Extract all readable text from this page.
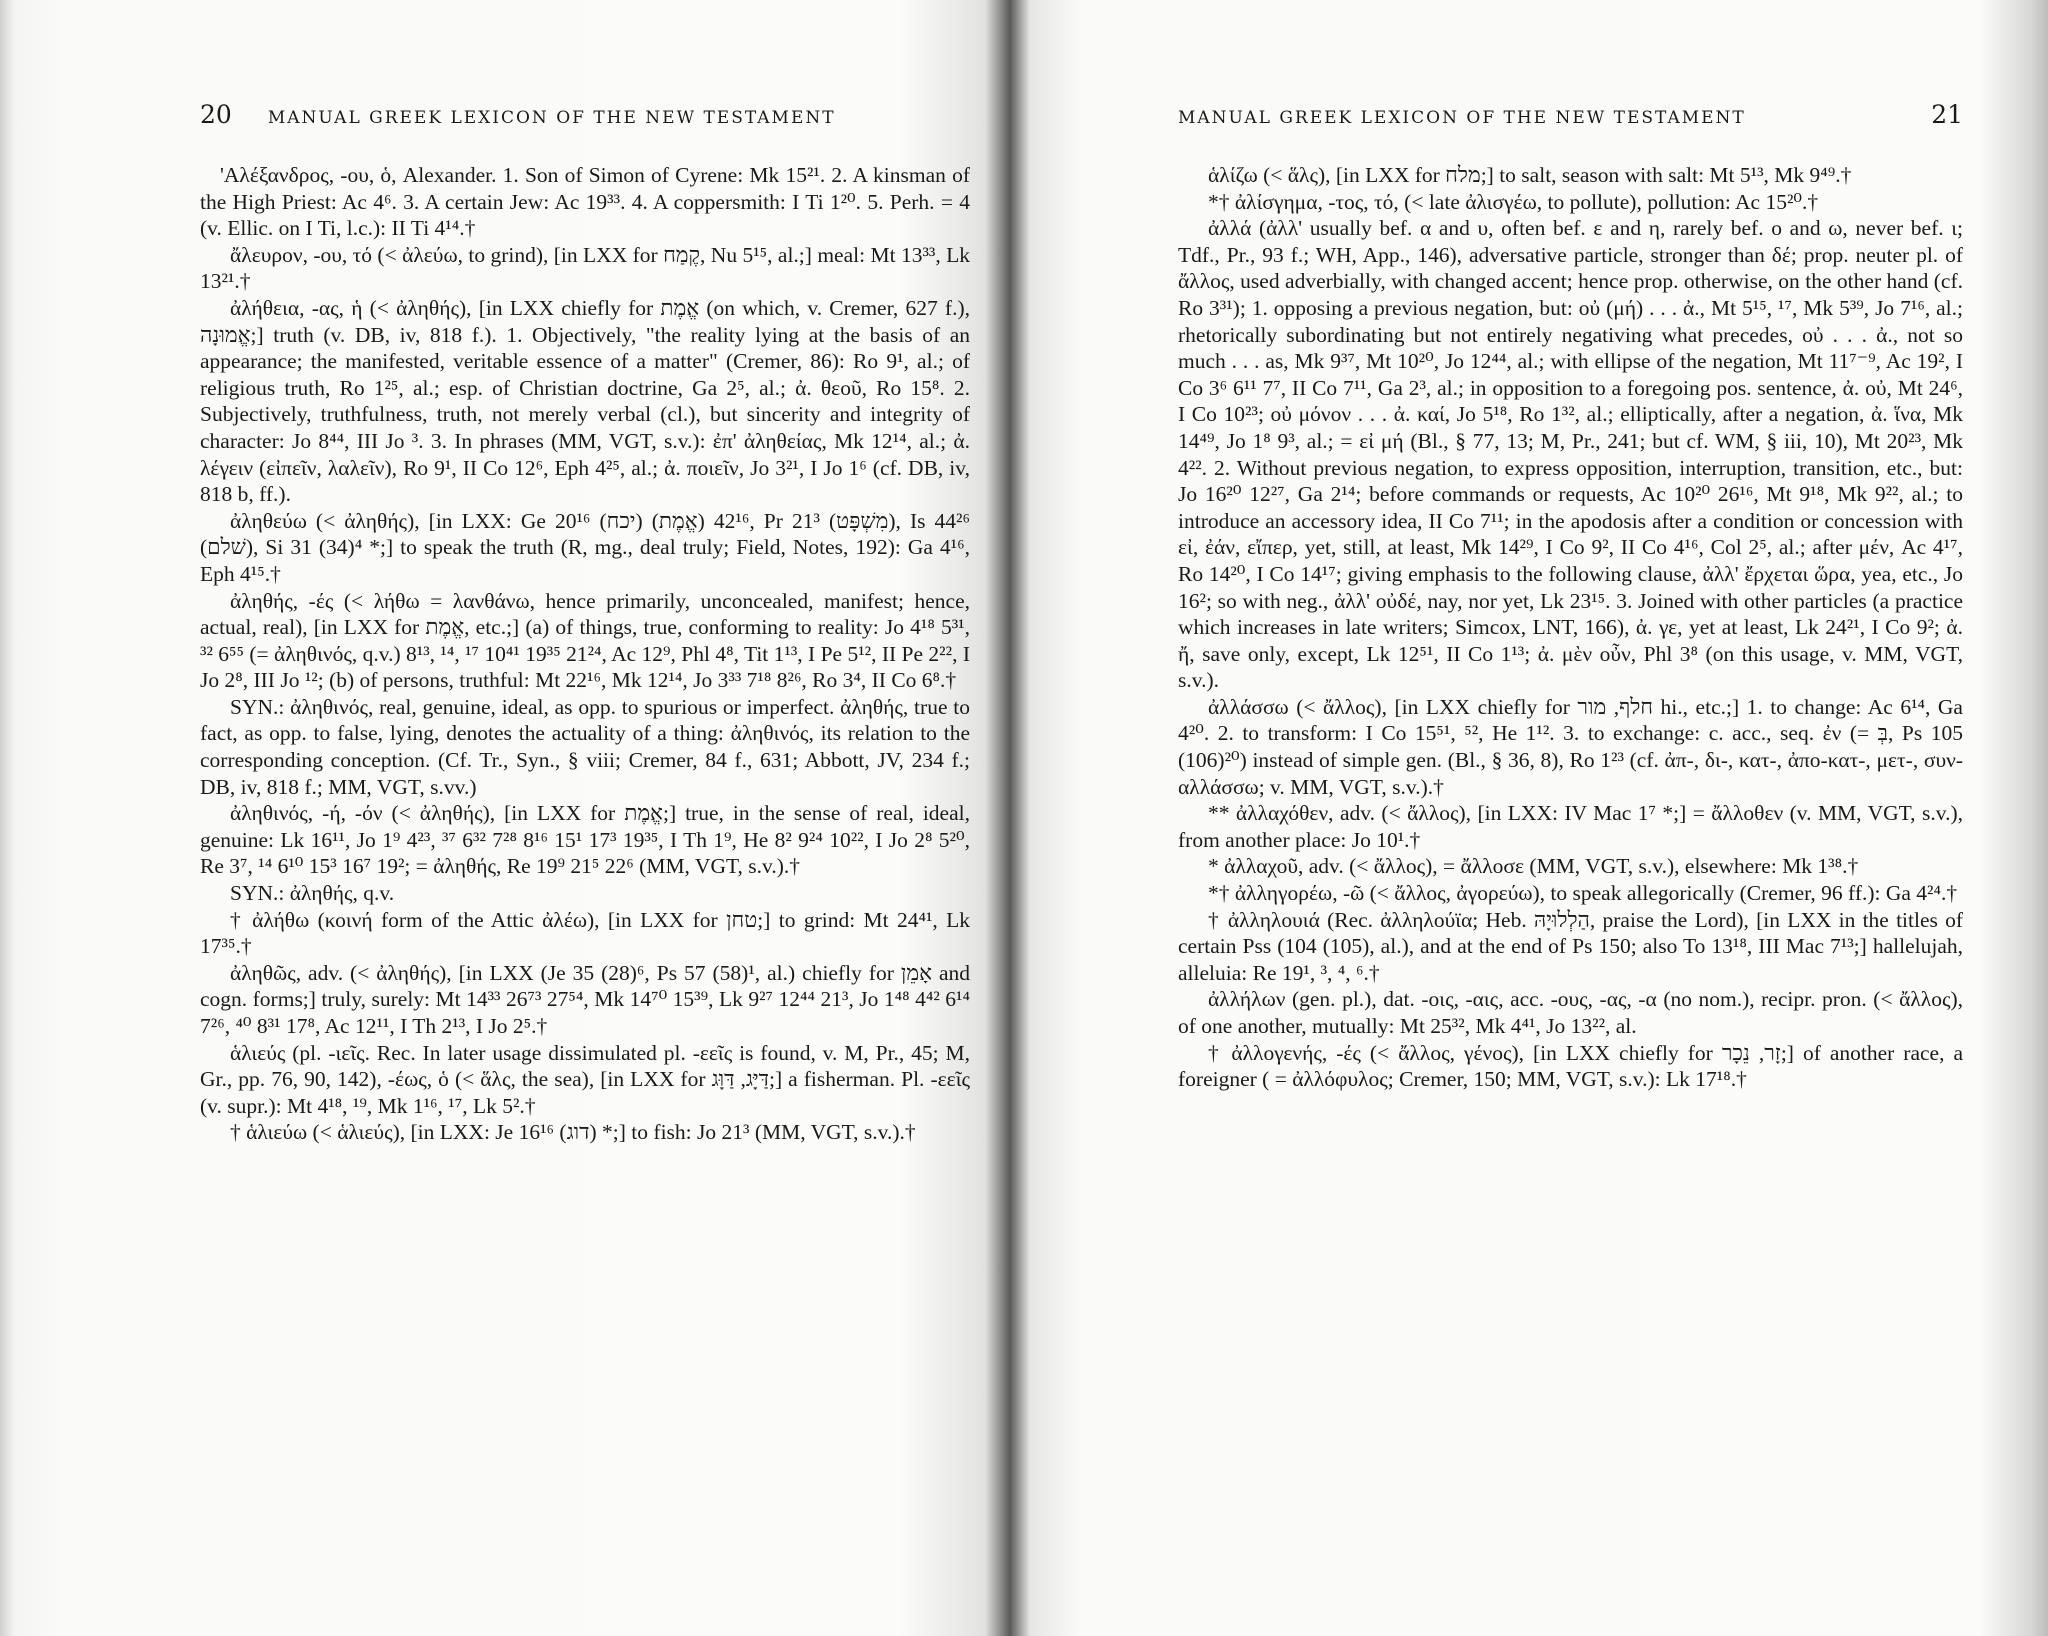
20 MANUAL GREEK LEXICON OF THE NEW TESTAMENT

'Αλέξανδρος, -ου, ὁ, Alexander. 1. Son of Simon of Cyrene: Mk 15²¹. 2. A kinsman of the High Priest: Ac 4⁶. 3. A certain Jew: Ac 19³³. 4. A coppersmith: I Ti 1²⁰. 5. Perh. = 4 (v. Ellic. on I Ti, l.c.): II Ti 4¹⁴.†

ἄλευρον, -ου, τό (< ἀλεύω, to grind), [in LXX for קֶמַח, Nu 5¹⁵, al.;] meal: Mt 13³³, Lk 13²¹.†

ἀλήθεια, -ας, ἡ (< ἀληθής), [in LXX chiefly for אֱמֶת (on which, v. Cremer, 627 f.), אֱמוּנָה;] truth (v. DB, iv, 818 f.). 1. Objectively, "the reality lying at the basis of an appearance; the manifested, veritable essence of a matter" (Cremer, 86): Ro 9¹, al.; of religious truth, Ro 1²⁵, al.; esp. of Christian doctrine, Ga 2⁵, al.; ἀ. θεοῦ, Ro 15⁸. 2. Subjectively, truthfulness, truth, not merely verbal (cl.), but sincerity and integrity of character: Jo 8⁴⁴, III Jo ³. 3. In phrases (MM, VGT, s.v.): ἐπ' ἀληθείας, Mk 12¹⁴, al.; ἀ. λέγειν (εἰπεῖν, λαλεῖν), Ro 9¹, II Co 12⁶, Eph 4²⁵, al.; ἀ. ποιεῖν, Jo 3²¹, I Jo 1⁶ (cf. DB, iv, 818 b, ff.).

ἀληθεύω (< ἀληθής), [in LXX: Ge 20¹⁶ (יכח) 42¹⁶ (אֱמֶת), Pr 21³ (מִשְׁפָּט), Is 44²⁶ (שׁלם), Si 31 (34)⁴ *;] to speak the truth (R, mg., deal truly; Field, Notes, 192): Ga 4¹⁶, Eph 4¹⁵.†

ἀληθής, -ές (< λήθω = λανθάνω, hence primarily, unconcealed, manifest; hence, actual, real), [in LXX for אֱמֶת, etc.;] (a) of things, true, conforming to reality: Jo 4¹⁸ 5³¹, ³² 6⁵⁵ (= ἀληθινός, q.v.) 8¹³, ¹⁴, ¹⁷ 10⁴¹ 19³⁵ 21²⁴, Ac 12⁹, Phl 4⁸, Tit 1¹³, I Pe 5¹², II Pe 2²², I Jo 2⁸, III Jo ¹²; (b) of persons, truthful: Mt 22¹⁶, Mk 12¹⁴, Jo 3³³ 7¹⁸ 8²⁶, Ro 3⁴, II Co 6⁸.†

SYN.: ἀληθινός, real, genuine, ideal, as opp. to spurious or imperfect. ἀληθής, true to fact, as opp. to false, lying, denotes the actuality of a thing: ἀληθινός, its relation to the corresponding conception. (Cf. Tr., Syn., § viii; Cremer, 84 f., 631; Abbott, JV, 234 f.; DB, iv, 818 f.; MM, VGT, s.vv.)

ἀληθινός, -ή, -όν (< ἀληθής), [in LXX for אֱמֶת;] true, in the sense of real, ideal, genuine: Lk 16¹¹, Jo 1⁹ 4²³, ³⁷ 6³² 7²⁸ 8¹⁶ 15¹ 17³ 19³⁵, I Th 1⁹, He 8² 9²⁴ 10²², I Jo 2⁸ 5²⁰, Re 3⁷, ¹⁴ 6¹⁰ 15³ 16⁷ 19²; = ἀληθής, Re 19⁹ 21⁵ 22⁶ (MM, VGT, s.v.).†

SYN.: ἀληθής, q.v.

† ἀλήθω (κοινή form of the Attic ἀλέω), [in LXX for טחן;] to grind: Mt 24⁴¹, Lk 17³⁵.†

ἀληθῶς, adv. (< ἀληθής), [in LXX (Je 35 (28)⁶, Ps 57 (58)¹, al.) chiefly for אָמֵן and cogn. forms;] truly, surely: Mt 14³³ 26⁷³ 27⁵⁴, Mk 14⁷⁰ 15³⁹, Lk 9²⁷ 12⁴⁴ 21³, Jo 1⁴⁸ 4⁴² 6¹⁴ 7²⁶, ⁴⁰ 8³¹ 17⁸, Ac 12¹¹, I Th 2¹³, I Jo 2⁵.†

ἁλιεύς (pl. -ιεῖς. Rec. In later usage dissimulated pl. -εεῖς is found, v. M, Pr., 45; M, Gr., pp. 76, 90, 142), -έως, ὁ (< ἅλς, the sea), [in LXX for דַּיָּג, דַּוָּג;] a fisherman. Pl. -εεῖς (v. supr.): Mt 4¹⁸, ¹⁹, Mk 1¹⁶, ¹⁷, Lk 5².†

† ἁλιεύω (< ἁλιεύς), [in LXX: Je 16¹⁶ (דוג) *;] to fish: Jo 21³ (MM, VGT, s.v.).†

MANUAL GREEK LEXICON OF THE NEW TESTAMENT	21

ἁλίζω (< ἅλς), [in LXX for מלח;] to salt, season with salt: Mt 5¹³, Mk 9⁴⁹.†

*† ἀλίσγημα, -τος, τό, (< late ἀλισγέω, to pollute), pollution: Ac 15²⁰.†

ἀλλά (ἀλλ' usually bef. α and υ, often bef. ε and η, rarely bef. ο and ω, never bef. ι; Tdf., Pr., 93 f.; WH, App., 146), adversative particle, stronger than δέ; prop. neuter pl. of ἄλλος, used adverbially, with changed accent; hence prop. otherwise, on the other hand (cf. Ro 3³¹); 1. opposing a previous negation, but: οὐ (μή) . . . ἀ., Mt 5¹⁵, ¹⁷, Mk 5³⁹, Jo 7¹⁶, al.; rhetorically subordinating but not entirely negativing what precedes, οὐ . . . ἀ., not so much . . . as, Mk 9³⁷, Mt 10²⁰, Jo 12⁴⁴, al.; with ellipse of the negation, Mt 11⁷⁻⁹, Ac 19², I Co 3⁶ 6¹¹ 7⁷, II Co 7¹¹, Ga 2³, al.; in opposition to a foregoing pos. sentence, ἀ. οὐ, Mt 24⁶, I Co 10²³; οὐ μόνον . . . ἀ. καί, Jo 5¹⁸, Ro 1³², al.; elliptically, after a negation, ἀ. ἵνα, Mk 14⁴⁹, Jo 1⁸ 9³, al.; = εἰ μή (Bl., § 77, 13; M, Pr., 241; but cf. WM, § iii, 10), Mt 20²³, Mk 4²². 2. Without previous negation, to express opposition, interruption, transition, etc., but: Jo 16²⁰ 12²⁷, Ga 2¹⁴; before commands or requests, Ac 10²⁰ 26¹⁶, Mt 9¹⁸, Mk 9²², al.; to introduce an accessory idea, II Co 7¹¹; in the apodosis after a condition or concession with εἰ, ἐάν, εἴπερ, yet, still, at least, Mk 14²⁹, I Co 9², II Co 4¹⁶, Col 2⁵, al.; after μέν, Ac 4¹⁷, Ro 14²⁰, I Co 14¹⁷; giving emphasis to the following clause, ἀλλ' ἔρχεται ὥρα, yea, etc., Jo 16²; so with neg., ἀλλ' οὐδέ, nay, nor yet, Lk 23¹⁵. 3. Joined with other particles (a practice which increases in late writers; Simcox, LNT, 166), ἀ. γε, yet at least, Lk 24²¹, I Co 9²; ἀ. ἤ, save only, except, Lk 12⁵¹, II Co 1¹³; ἀ. μὲν οὖν, Phl 3⁸ (on this usage, v. MM, VGT, s.v.).

ἀλλάσσω (< ἄλλος), [in LXX chiefly for חלף, מור hi., etc.;] 1. to change: Ac 6¹⁴, Ga 4²⁰. 2. to transform: I Co 15⁵¹, ⁵², He 1¹². 3. to exchange: c. acc., seq. ἐν (= בְּ, Ps 105 (106)²⁰) instead of simple gen. (Bl., § 36, 8), Ro 1²³ (cf. ἀπ-, δι-, κατ-, ἀπο-κατ-, μετ-, συν-αλλάσσω; v. MM, VGT, s.v.).†

** ἀλλαχόθεν, adv. (< ἄλλος), [in LXX: IV Mac 1⁷ *;] = ἄλλοθεν (v. MM, VGT, s.v.), from another place: Jo 10¹.†

* ἀλλαχοῦ, adv. (< ἄλλος), = ἄλλοσε (MM, VGT, s.v.), elsewhere: Mk 1³⁸.†

*† ἀλληγορέω, -ῶ (< ἄλλος, ἀγορεύω), to speak allegorically (Cremer, 96 ff.): Ga 4²⁴.†

† ἀλληλουιά (Rec. ἀλληλούϊα; Heb. הַלְלוּיָהּ, praise the Lord), [in LXX in the titles of certain Pss (104 (105), al.), and at the end of Ps 150; also To 13¹⁸, III Mac 7¹³;] hallelujah, alleluia: Re 19¹, ³, ⁴, ⁶.†

ἀλλήλων (gen. pl.), dat. -οις, -αις, acc. -ους, -ας, -α (no nom.), recipr. pron. (< ἄλλος), of one another, mutually: Mt 25³², Mk 4⁴¹, Jo 13²², al.

† ἀλλογενής, -ές (< ἄλλος, γένος), [in LXX chiefly for זָר, נֵכָר;] of another race, a foreigner ( = ἀλλόφυλος; Cremer, 150; MM, VGT, s.v.): Lk 17¹⁸.†
